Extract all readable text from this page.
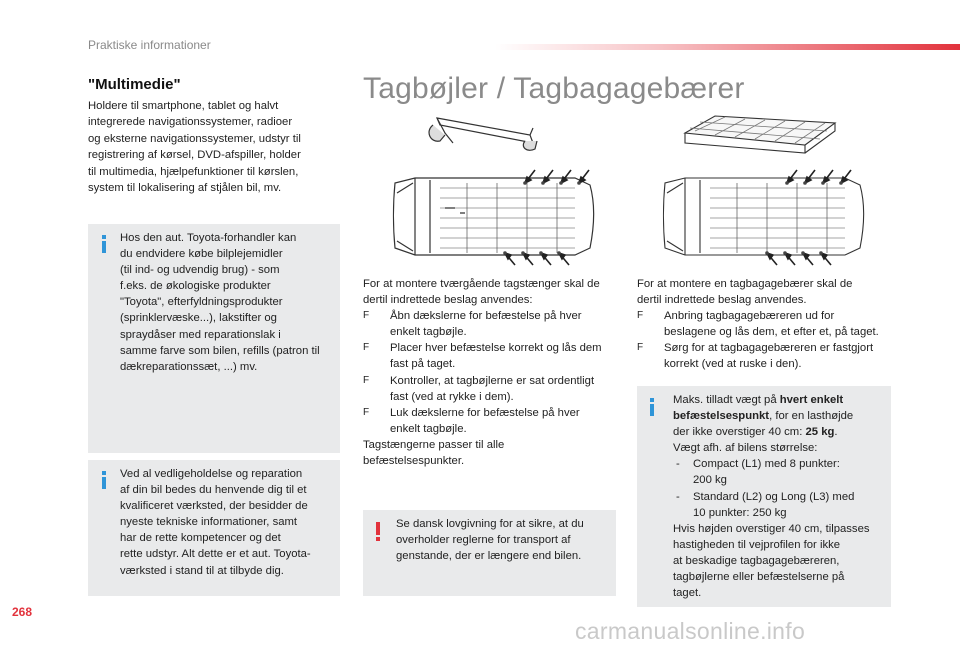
Praktiske informationer
"Multimedie"
Holdere til smartphone, tablet og halvt
integrerede navigationssystemer, radioer
og eksterne navigationssystemer, udstyr til
registrering af kørsel, DVD-afspiller, holder
til multimedia, hjælpefunktioner til kørslen,
system til lokalisering af stjålen bil, mv.
Hos den aut. Toyota-forhandler kan
du endvidere købe bilplejemidler
(til ind- og udvendig brug) - som
f.eks. de økologiske produkter
"Toyota", efterfyldningsprodukter
(sprinklervæske...), lakstifter og
spraydåser med reparationslak i
samme farve som bilen, refills (patron til
dækreparationssæt, ...) mv.
Ved al vedligeholdelse og reparation
af din bil bedes du henvende dig til et
kvalificeret værksted, der besidder de
nyeste tekniske informationer, samt
har de rette kompetencer og det
rette udstyr. Alt dette er et aut. Toyota-
værksted i stand til at tilbyde dig.
Tagbøjler / Tagbagagebærer
For at montere tværgående tagstænger skal de
dertil indrettede beslag anvendes:
F Åbn dækslerne for befæstelse på hver
enkelt tagbøjle.
F Placer hver befæstelse korrekt og lås dem
fast på taget.
F Kontroller, at tagbøjlerne er sat ordentligt
fast (ved at rykke i dem).
F Luk dækslerne for befæstelse på hver
enkelt tagbøjle.
Tagstængerne passer til alle
befæstelsespunkter.
Se dansk lovgivning for at sikre, at du
overholder reglerne for transport af
genstande, der er længere end bilen.
For at montere en tagbagagebærer skal de
dertil indrettede beslag anvendes.
F Anbring tagbagagebæreren ud for
beslagene og lås dem, et efter et, på taget.
F Sørg for at tagbagagebæreren er fastgjort
korrekt (ved at ruske i den).
Maks. tilladt vægt på hvert enkelt
befæstelsespunkt, for en lasthøjde
der ikke overstiger 40 cm: 25 kg.
Vægt afh. af bilens størrelse:
- Compact (L1) med 8 punkter:
200 kg
- Standard (L2) og Long (L3) med
10 punkter: 250 kg
Hvis højden overstiger 40 cm, tilpasses
hastigheden til vejprofilen for ikke
at beskadige tagbagagebæreren,
tagbøjlerne eller befæstelserne på
taget.
268
carmanualsonline.info
